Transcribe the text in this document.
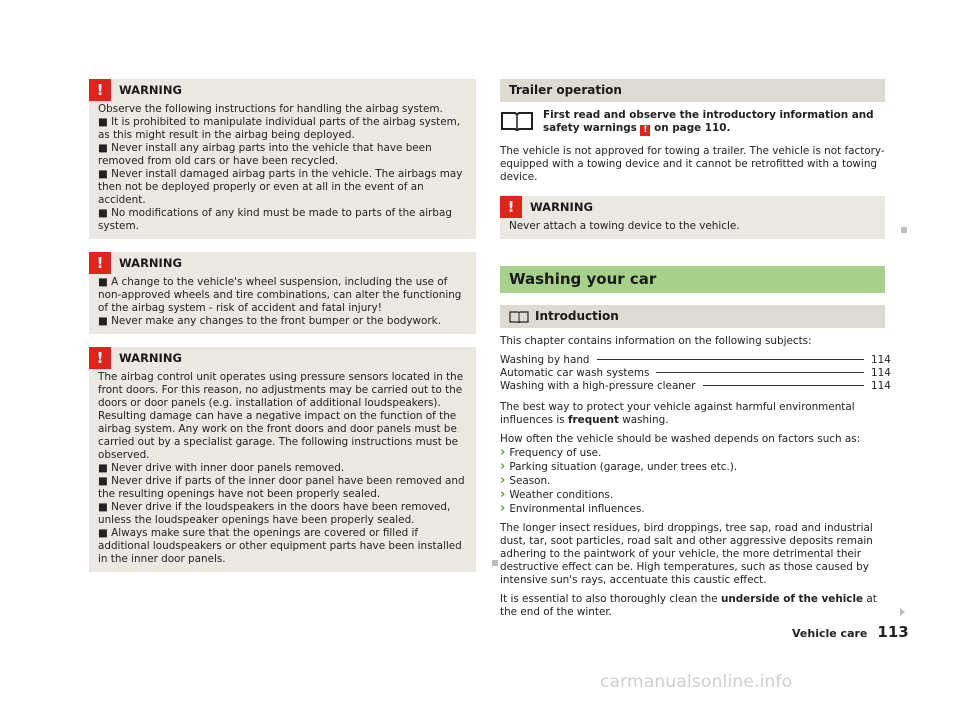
!	WARNING

Observe the following instructions for handling the airbag system.

■ It is prohibited to manipulate individual parts of the airbag system, as this might result in the airbag being deployed.

■ Never install any airbag parts into the vehicle that have been removed from old cars or have been recycled.

■ Never install damaged airbag parts in the vehicle. The airbags may then not be deployed properly or even at all in the event of an accident.

■ No modifications of any kind must be made to parts of the airbag system.

!	WARNING

■ A change to the vehicle's wheel suspension, including the use of non-approved wheels and tire combinations, can alter the functioning of the airbag system - risk of accident and fatal injury!

■ Never make any changes to the front bumper or the bodywork.

!	WARNING

The airbag control unit operates using pressure sensors located in the front doors. For this reason, no adjustments may be carried out to the doors or door panels (e.g. installation of additional loudspeakers). Resulting damage can have a negative impact on the function of the airbag system. Any work on the front doors and door panels must be carried out by a specialist garage. The following instructions must be observed.

■ Never drive with inner door panels removed.

■ Never drive if parts of the inner door panel have been removed and the resulting openings have not been properly sealed.

■ Never drive if the loudspeakers in the doors have been removed, unless the loudspeaker openings have been properly sealed.

■ Always make sure that the openings are covered or filled if additional loudspeakers or other equipment parts have been installed in the inner door panels.

Trailer operation
First read and observe the introductory information and safety warnings ! on page 110.

The vehicle is not approved for towing a trailer. The vehicle is not factory-equipped with a towing device and it cannot be retrofitted with a towing device.

!	WARNING

Never attach a towing device to the vehicle.

Washing your car
Introduction

This chapter contains information on the following subjects:

Washing by hand	114
Automatic car wash systems	114
Washing with a high-pressure cleaner	114

The best way to protect your vehicle against harmful environmental influences is frequent washing.

How often the vehicle should be washed depends on factors such as:

› Frequency of use.
› Parking situation (garage, under trees etc.).
› Season.
› Weather conditions.
› Environmental influences.

The longer insect residues, bird droppings, tree sap, road and industrial dust, tar, soot particles, road salt and other aggressive deposits remain adhering to the paintwork of your vehicle, the more detrimental their destructive effect can be. High temperatures, such as those caused by intensive sun's rays, accentuate this caustic effect.

It is essential to also thoroughly clean the underside of the vehicle at the end of the winter.

Vehicle care 113
carmanualsonline.info
